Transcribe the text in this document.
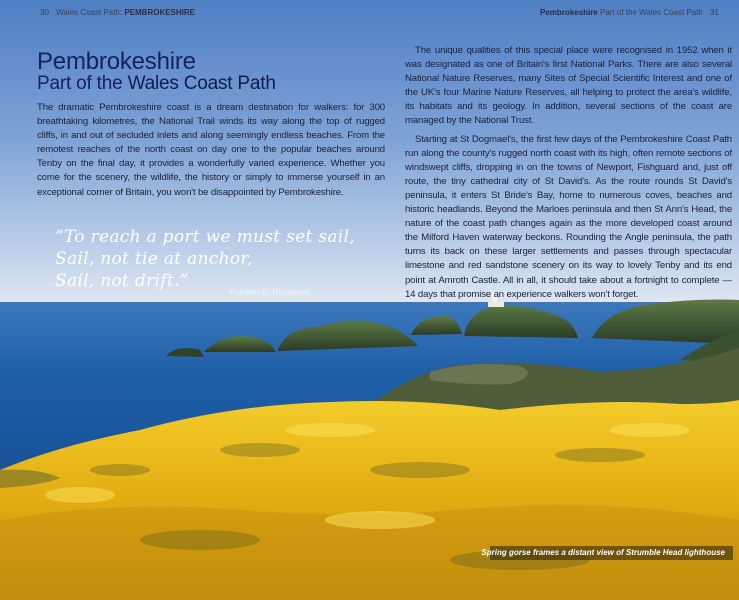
30 Wales Coast Path: PEMBROKESHIRE	Pembrokeshire Part of the Wales Coast Path 31
Pembrokeshire
Part of the Wales Coast Path
The dramatic Pembrokeshire coast is a dream destination for walkers: for 300 breathtaking kilometres, the National Trail winds its way along the top of rugged cliffs, in and out of secluded inlets and along seemingly endless beaches. From the remotest reaches of the north coast on day one to the popular beaches around Tenby on the final day, it provides a wonderfully varied experience. Whether you come for the scenery, the wildlife, the history or simply to immerse yourself in an exceptional corner of Britain, you won't be disappointed by Pembrokeshire.
“To reach a port we must set sail,
Sail, not tie at anchor,
Sail, not drift.”
Franklin D. Roosevelt

The unique qualities of this special place were recognised in 1952 when it was designated as one of Britain's first National Parks. There are also several National Nature Reserves, many Sites of Special Scientific Interest and one of the UK's four Marine Nature Reserves, all helping to protect the area's wildlife, its habitats and its geology. In addition, several sections of the coast are managed by the National Trust.

Starting at St Dogmael's, the first few days of the Pembrokeshire Coast Path run along the county's rugged north coast with its high, often remote sections of windswept cliffs, dropping in on the towns of Newport, Fishguard and, just off route, the tiny cathedral city of St David's. As the route rounds St David's peninsula, it enters St Bride's Bay, home to numerous coves, beaches and historic headlands. Beyond the Marloes peninsula and then St Ann's Head, the nature of the coast path changes again as the more developed coast around the Milford Haven waterway beckons. Rounding the Angle peninsula, the path turns its back on these larger settlements and passes through spectacular limestone and red sandstone scenery on its way to lovely Tenby and its end point at Amroth Castle. All in all, it should take about a fortnight to complete — 14 days that promise an experience walkers won't forget.

Spring gorse frames a distant view of Strumble Head lighthouse
